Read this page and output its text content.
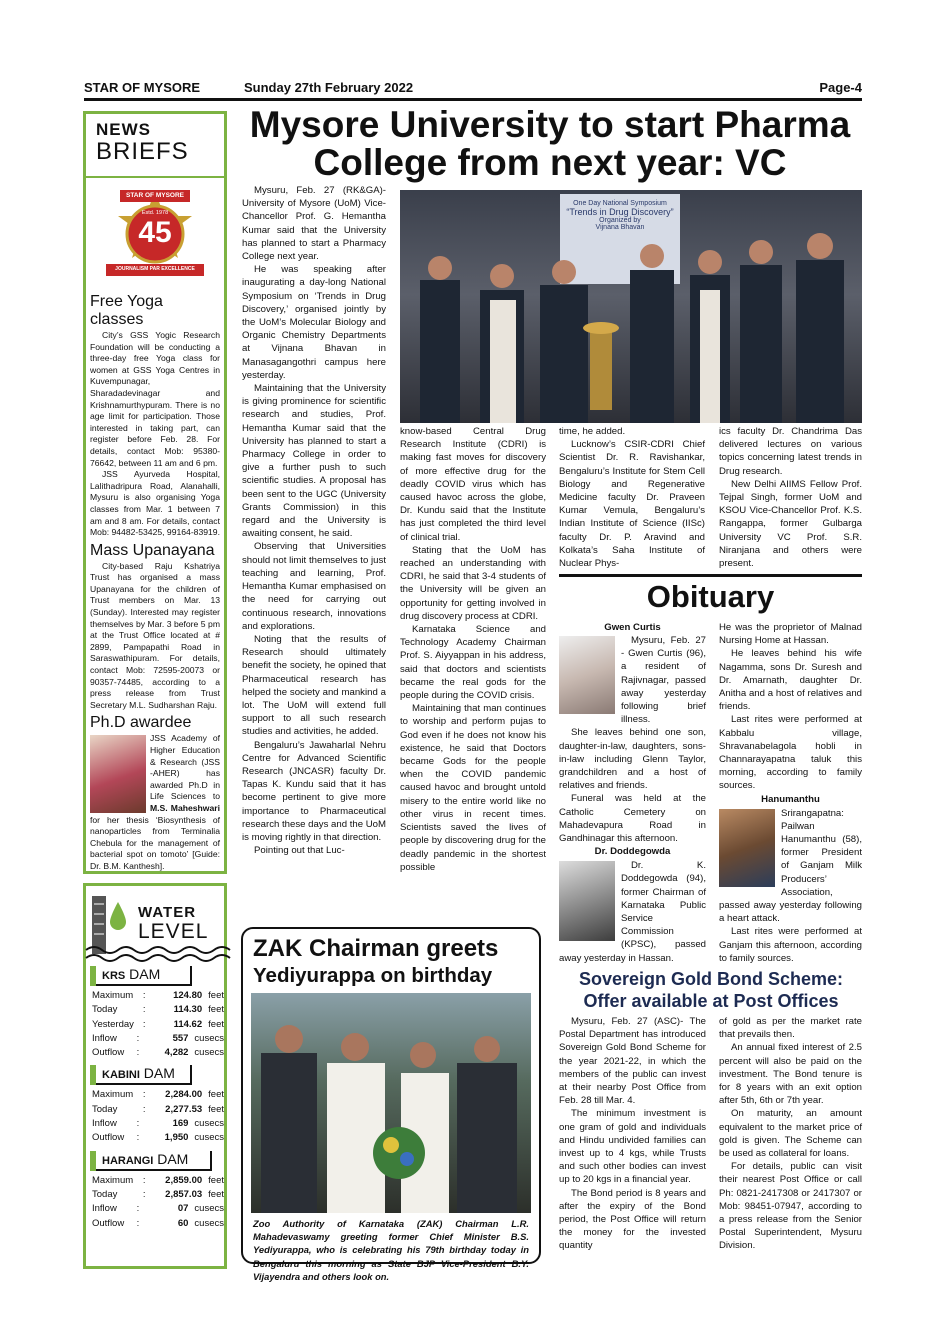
STAR OF MYSORE	Sunday 27th February 2022	Page-4
NEWS
BRIEFS
STAR OF MYSORE
Estd. 1978
45
JOURNALISM PAR EXCELLENCE
Free Yoga classes

City’s GSS Yogic Research Foundation will be conducting a three-day free Yoga class for women at GSS Yoga Centres in Kuvempunagar, Sharadadevinagar and Krishnamurthypuram. There is no age limit for participation. Those interested in taking part, can register before Feb. 28. For details, contact Mob: 95380-76642, between 11 am and 6 pm.

JSS Ayurveda Hospital, Lalithadripura Road, Alanahalli, Mysuru is also organising Yoga classes from Mar. 1 between 7 am and 8 am. For details, contact Mob: 94482-53425, 99164-83919.

Mass Upanayana

City-based Raju Kshatriya Trust has organised a mass Upanayana for the children of Trust members on Mar. 13 (Sunday). Interested may register themselves by Mar. 3 before 5 pm at the Trust Office located at # 2899, Pampapathi Road in Saraswathipuram. For details, contact Mob: 72595-20073 or 90357-74485, according to a press release from Trust Secretary M.L. Sudharshan Raju.

Ph.D awardee

JSS Academy of Higher Education & Research (JSS -AHER) has awarded Ph.D in Life Sciences to M.S. Maheshwari for her thesis ‘Biosynthesis of nanoparticles from Terminalia Chebula for the management of bacterial spot on tomoto’ [Guide: Dr. B.M. Kanthesh].

WATER
LEVEL
KRS DAM
Maximum	:	124.80 feet
Today	:	114.30 feet
Yesterday :	114.62 feet
Inflow	:	557 cusecs
Outflow	:	4,282 cusecs
KABINI DAM
Maximum	:	2,284.00 feet
Today	:	2,277.53 feet
Inflow	:	169 cusecs
Outflow	:	1,950 cusecs
HARANGI DAM
Maximum	:	2,859.00 feet
Today	:	2,857.03 feet
Inflow	:	07 cusecs
Outflow	:	60 cusecs
Mysore University to start Pharma
College from next year: VC

Mysuru, Feb. 27 (RK&GA)- University of Mysore (UoM) Vice-Chancellor Prof. G. Hemantha Kumar said that the University has planned to start a Pharmacy College next year.

He was speaking after inaugurating a day-long National Symposium on ‘Trends in Drug Discovery,’ organised jointly by the UoM’s Molecular Biology and Organic Chemistry Departments at Vijnana Bhavan in Manasagangothri campus here yesterday.

Maintaining that the University is giving prominence for scientific research and studies, Prof. Hemantha Kumar said that the University has planned to start a Pharmacy College in order to give a further push to such scientific studies. A proposal has been sent to the UGC (University Grants Commission) in this regard and the University is awaiting consent, he said.

Observing that Universities should not limit themselves to just teaching and learning, Prof. Hemantha Kumar emphasised on the need for carrying out continuous research, innovations and explorations.

Noting that the results of Research should ultimately benefit the society, he opined that Pharmaceutical research has helped the society and mankind a lot. The UoM will extend full support to all such research studies and activities, he added.

Bengaluru’s Jawaharlal Nehru Centre for Advanced Scientific Research (JNCASR) faculty Dr. Tapas K. Kundu said that it has become pertinent to give more importance to Pharmaceutical research these days and the UoM is moving rightly in that direction.

Pointing out that Luc-

One Day National Symposium
“Trends in Drug Discovery”
Organized by
Vijnana Bhavan

know-based Central Drug Research Institute (CDRI) is making fast moves for discovery of more effective drug for the deadly COVID virus which has caused havoc across the globe, Dr. Kundu said that the Institute has just completed the third level of clinical trial.

Stating that the UoM has reached an understanding with CDRI, he said that 3-4 students of the University will be given an opportunity for getting involved in drug discovery process at CDRI.

Karnataka Science and Technology Academy Chairman Prof. S. Aiyyappan in his address, said that doctors and scientists became the real gods for the people during the COVID crisis.

Maintaining that man continues to worship and perform pujas to God even if he does not know his existence, he said that Doctors became Gods for the people when the COVID pandemic caused havoc and brought untold misery to the entire world like no other virus in recent times. Scientists saved the lives of people by discovering drug for the deadly pandemic in the shortest possible

time, he added.

Lucknow’s CSIR-CDRI Chief Scientist Dr. R. Ravishankar, Bengaluru’s Institute for Stem Cell Biology and Regenerative Medicine faculty Dr. Praveen Kumar Vemula, Bengaluru’s Indian Institute of Science (IISc) faculty Dr. P. Aravind and Kolkata’s Saha Institute of Nuclear Phys-

ics faculty Dr. Chandrima Das delivered lectures on various topics concerning latest trends in Drug research.

New Delhi AIIMS Fellow Prof. Tejpal Singh, former UoM and KSOU Vice-Chancellor Prof. K.S. Rangappa, former Gulbarga University VC Prof. S.R. Niranjana and others were present.

ZAK Chairman greets
Yediyurappa on birthday
Zoo Authority of Karnataka (ZAK) Chairman L.R. Mahadevaswamy greeting former Chief Minister B.S. Yediyurappa, who is celebrating his 79th birthday today in Bengaluru this morning as State BJP Vice-President B.Y. Vijayendra and others look on.
Obituary
Gwen Curtis

Mysuru, Feb. 27 - Gwen Curtis (96), a resident of Rajivnagar, passed away yesterday following brief illness.

She leaves behind one son, daughter-in-law, daughters, sons-in-law including Glenn Taylor, grandchildren and a host of relatives and friends.

Funeral was held at the Catholic Cemetery on Mahadevapura Road in Gandhinagar this afternoon.

Dr. Doddegowda

Dr. K. Doddegowda (94), former Chairman of Karnataka Public Service Commission (KPSC), passed away yesterday in Hassan.

He was the proprietor of Malnad Nursing Home at Hassan.

He leaves behind his wife Nagamma, sons Dr. Suresh and Dr. Amarnath, daughter Dr. Anitha and a host of relatives and friends.

Last rites were performed at Kabbalu village, Shravanabelagola hobli in Channarayapatna taluk this morning, according to family sources.

Hanumanthu

Srirangapatna: Pailwan Hanumanthu (58), former President of Ganjam Milk Producers’ Association, passed away yesterday following a heart attack.

Last rites were performed at Ganjam this afternoon, according to family sources.

Sovereign Gold Bond Scheme:
Offer available at Post Offices

Mysuru, Feb. 27 (ASC)- The Postal Department has introduced Sovereign Gold Bond Scheme for the year 2021-22, in which the members of the public can invest at their nearby Post Office from Feb. 28 till Mar. 4.

The minimum investment is one gram of gold and individuals and Hindu undivided families can invest up to 4 kgs, while Trusts and such other bodies can invest up to 20 kgs in a financial year.

The Bond period is 8 years and after the expiry of the Bond period, the Post Office will return the money for the invested quantity

of gold as per the market rate that prevails then.

An annual fixed interest of 2.5 percent will also be paid on the investment. The Bond tenure is for 8 years with an exit option after 5th, 6th or 7th year.

On maturity, an amount equivalent to the market price of gold is given. The Scheme can be used as collateral for loans.

For details, public can visit their nearest Post Office or call Ph: 0821-2417308 or 2417307 or Mob: 98451-07947, according to a press release from the Senior Postal Superintendent, Mysuru Division.
